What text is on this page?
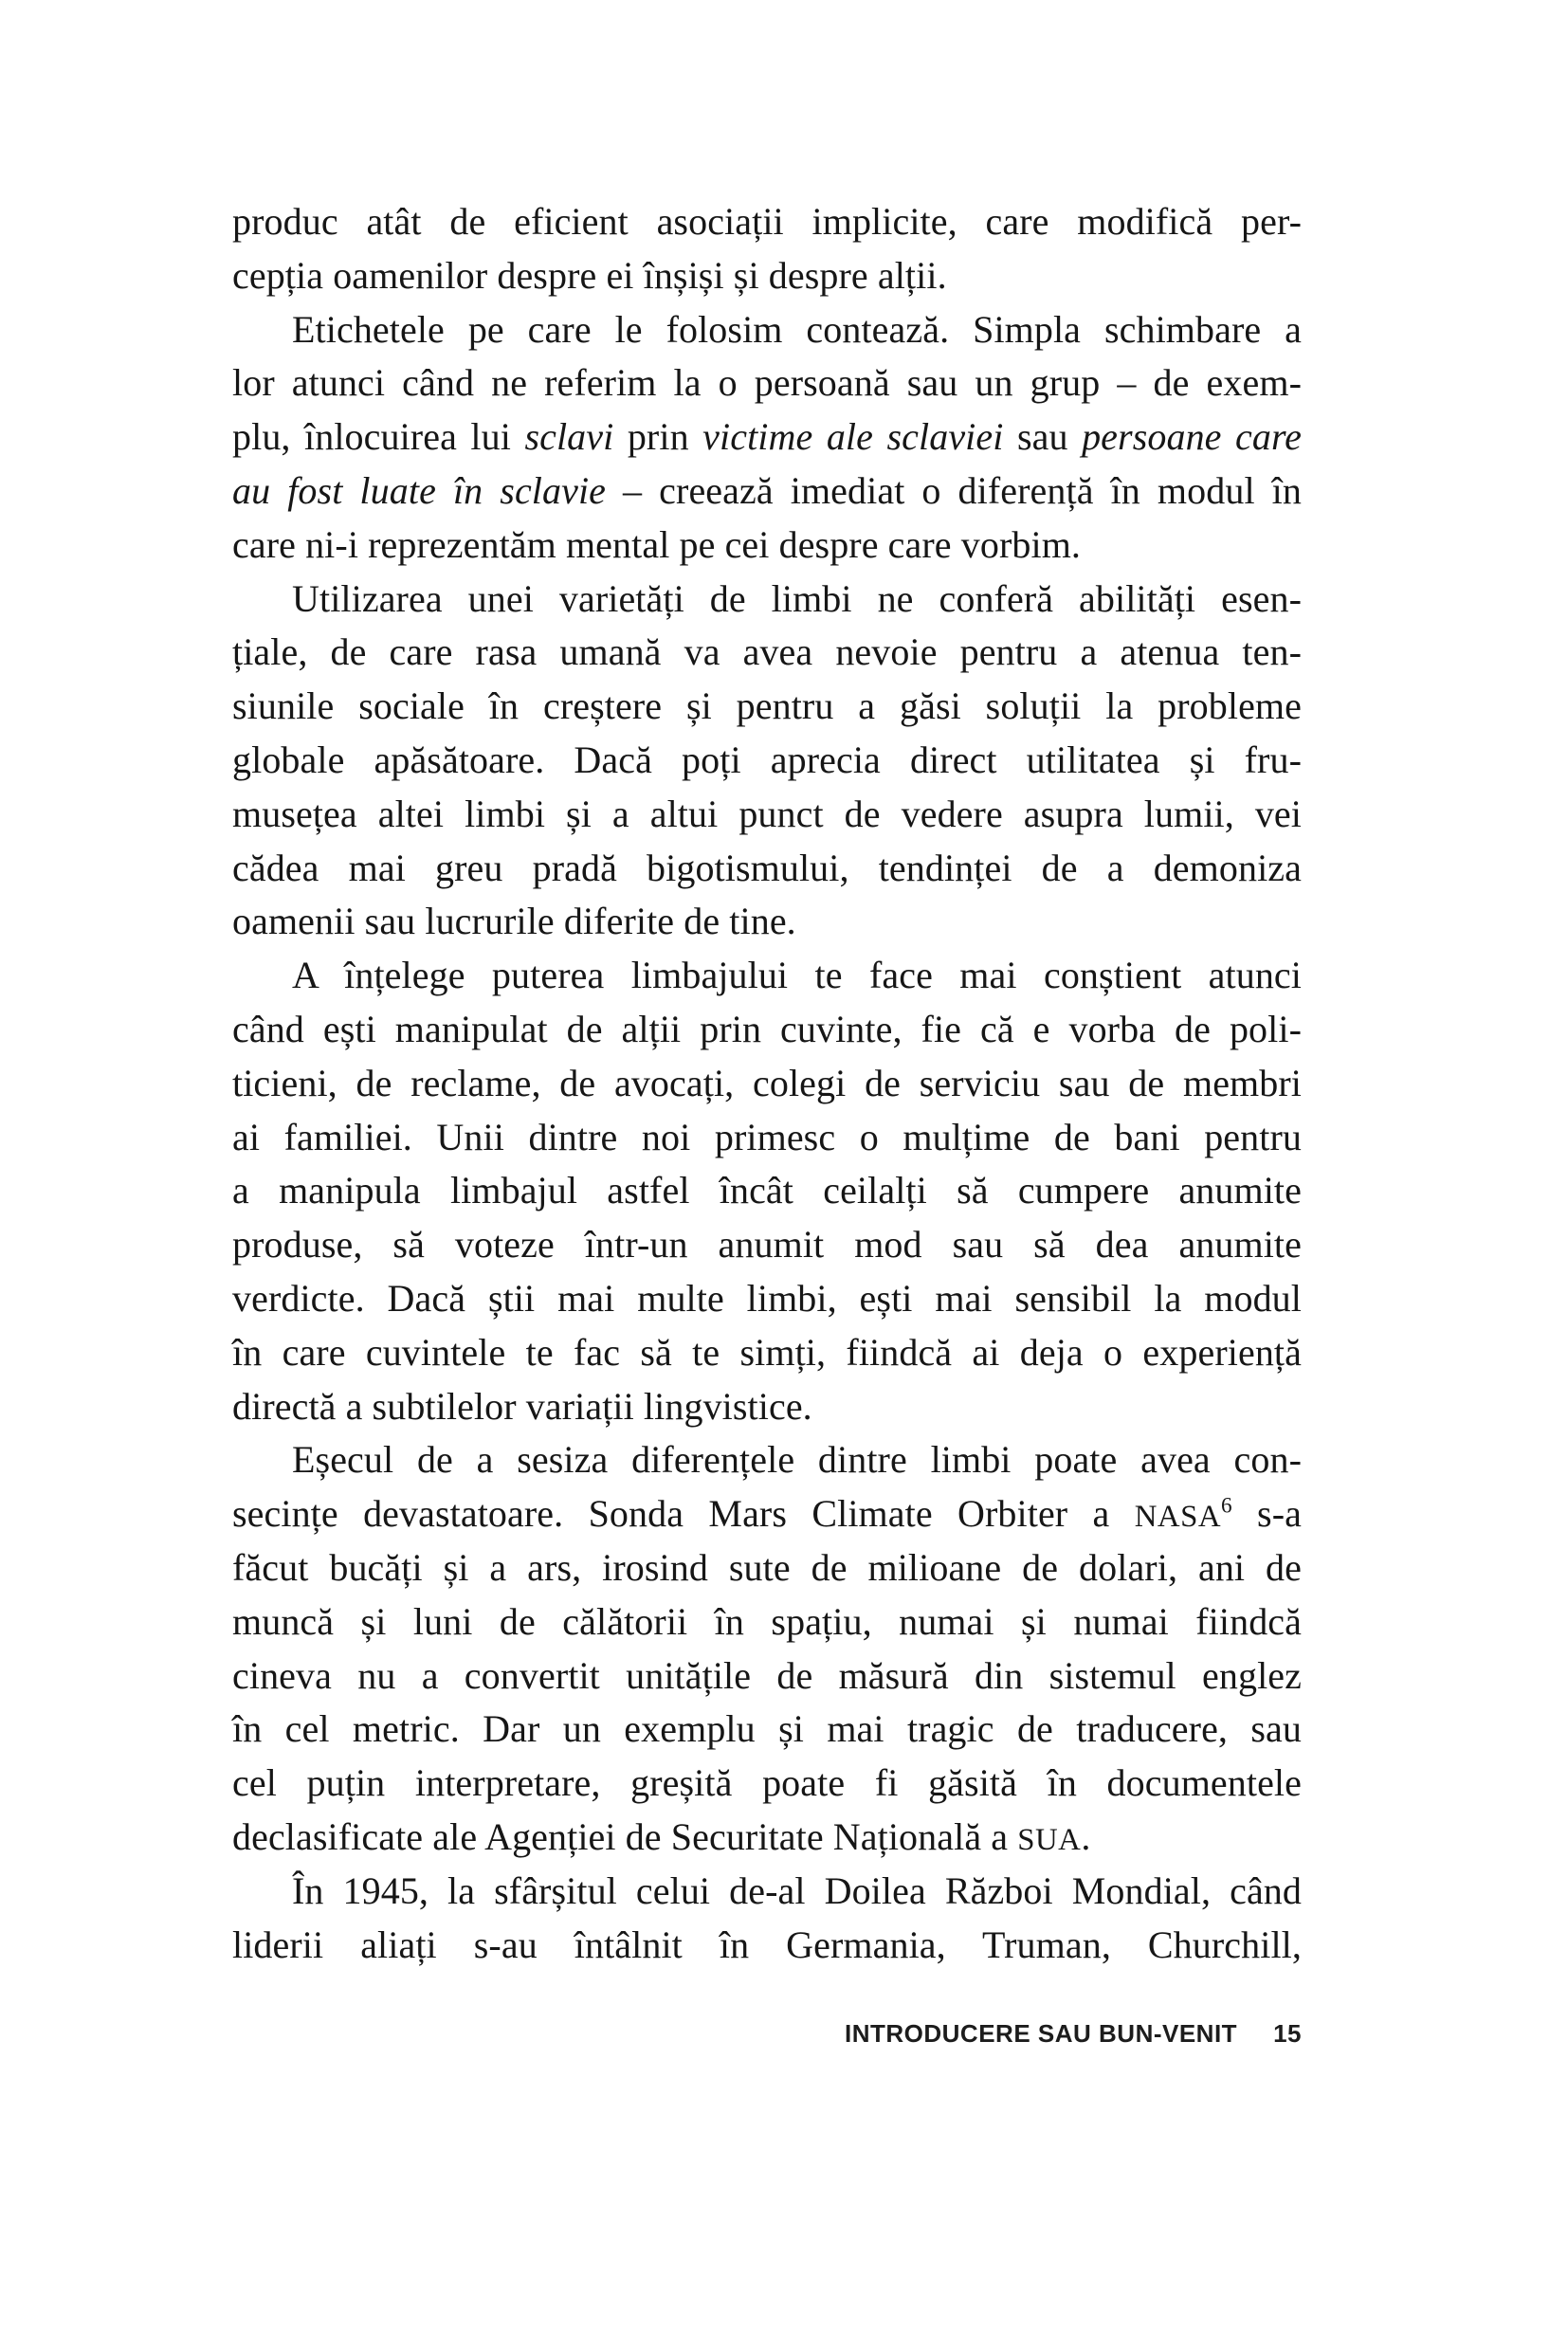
produc atât de eficient asociații implicite, care modifică per-
cepția oamenilor despre ei înșiși și despre alții.
Etichetele pe care le folosim contează. Simpla schimbare a
lor atunci când ne referim la o persoană sau un grup – de exem-
plu, înlocuirea lui sclavi prin victime ale sclaviei sau persoane care
au fost luate în sclavie – creează imediat o diferență în modul în
care ni-i reprezentăm mental pe cei despre care vorbim.
Utilizarea unei varietăți de limbi ne conferă abilități esen-
țiale, de care rasa umană va avea nevoie pentru a atenua ten-
siunile sociale în creștere și pentru a găsi soluții la probleme
globale apăsătoare. Dacă poți aprecia direct utilitatea și fru-
musețea altei limbi și a altui punct de vedere asupra lumii, vei
cădea mai greu pradă bigotismului, tendinței de a demoniza
oamenii sau lucrurile diferite de tine.
A înțelege puterea limbajului te face mai conștient atunci
când ești manipulat de alții prin cuvinte, fie că e vorba de poli-
ticieni, de reclame, de avocați, colegi de serviciu sau de membri
ai familiei. Unii dintre noi primesc o mulțime de bani pentru
a manipula limbajul astfel încât ceilalți să cumpere anumite
produse, să voteze într-un anumit mod sau să dea anumite
verdicte. Dacă știi mai multe limbi, ești mai sensibil la modul
în care cuvintele te fac să te simți, fiindcă ai deja o experiență
directă a subtilelor variații lingvistice.
Eșecul de a sesiza diferențele dintre limbi poate avea con-
secințe devastatoare. Sonda Mars Climate Orbiter a NASA$^6$ s-a
făcut bucăți și a ars, irosind sute de milioane de dolari, ani de
muncă și luni de călătorii în spațiu, numai și numai fiindcă
cineva nu a convertit unitățile de măsură din sistemul englez
în cel metric. Dar un exemplu și mai tragic de traducere, sau
cel puțin interpretare, greșită poate fi găsită în documentele
declasificate ale Agenției de Securitate Națională a SUA.
În 1945, la sfârșitul celui de-al Doilea Război Mondial, când
liderii aliați s-au întâlnit în Germania, Truman, Churchill,
INTRODUCERE SAU BUN-VENIT 15
